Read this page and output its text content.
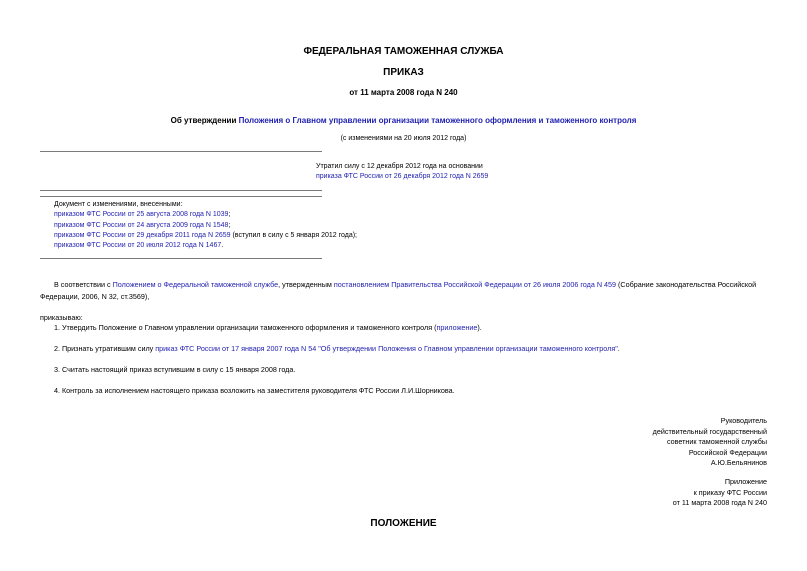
ФЕДЕРАЛЬНАЯ ТАМОЖЕННАЯ СЛУЖБА
ПРИКАЗ
от 11 марта 2008 года N 240
Об утверждении Положения о Главном управлении организации таможенного оформления и таможенного контроля
(с изменениями на 20 июля 2012 года)
Утратил силу с 12 декабря 2012 года на основании
приказа ФТС России от 26 декабря 2012 года N 2659
Документ с изменениями, внесенными:
приказом ФТС России от 25 августа 2008 года N 1039;
приказом ФТС России от 24 августа 2009 года N 1548;
приказом ФТС России от 29 декабря 2011 года N 2659 (вступил в силу с 5 января 2012 года);
приказом ФТС России от 20 июля 2012 года N 1467.
В соответствии с Положением о Федеральной таможенной службе, утвержденным постановлением Правительства Российской Федерации от 26 июля 2006 года N 459 (Собрание законодательства Российской
Федерации, 2006, N 32, ст.3569),
приказываю:
1. Утвердить Положение о Главном управлении организации таможенного оформления и таможенного контроля (приложение).
2. Признать утратившим силу приказ ФТС России от 17 января 2007 года N 54 "Об утверждении Положения о Главном управлении организации таможенного контроля".
3. Считать настоящий приказ вступившим в силу с 15 января 2008 года.
4. Контроль за исполнением настоящего приказа возложить на заместителя руководителя ФТС России Л.И.Шорникова.
Руководитель
действительный государственный
советник таможенной службы
Российской Федерации
А.Ю.Бельянинов
Приложение
к приказу ФТС России
от 11 марта 2008 года N 240
ПОЛОЖЕНИЕ
